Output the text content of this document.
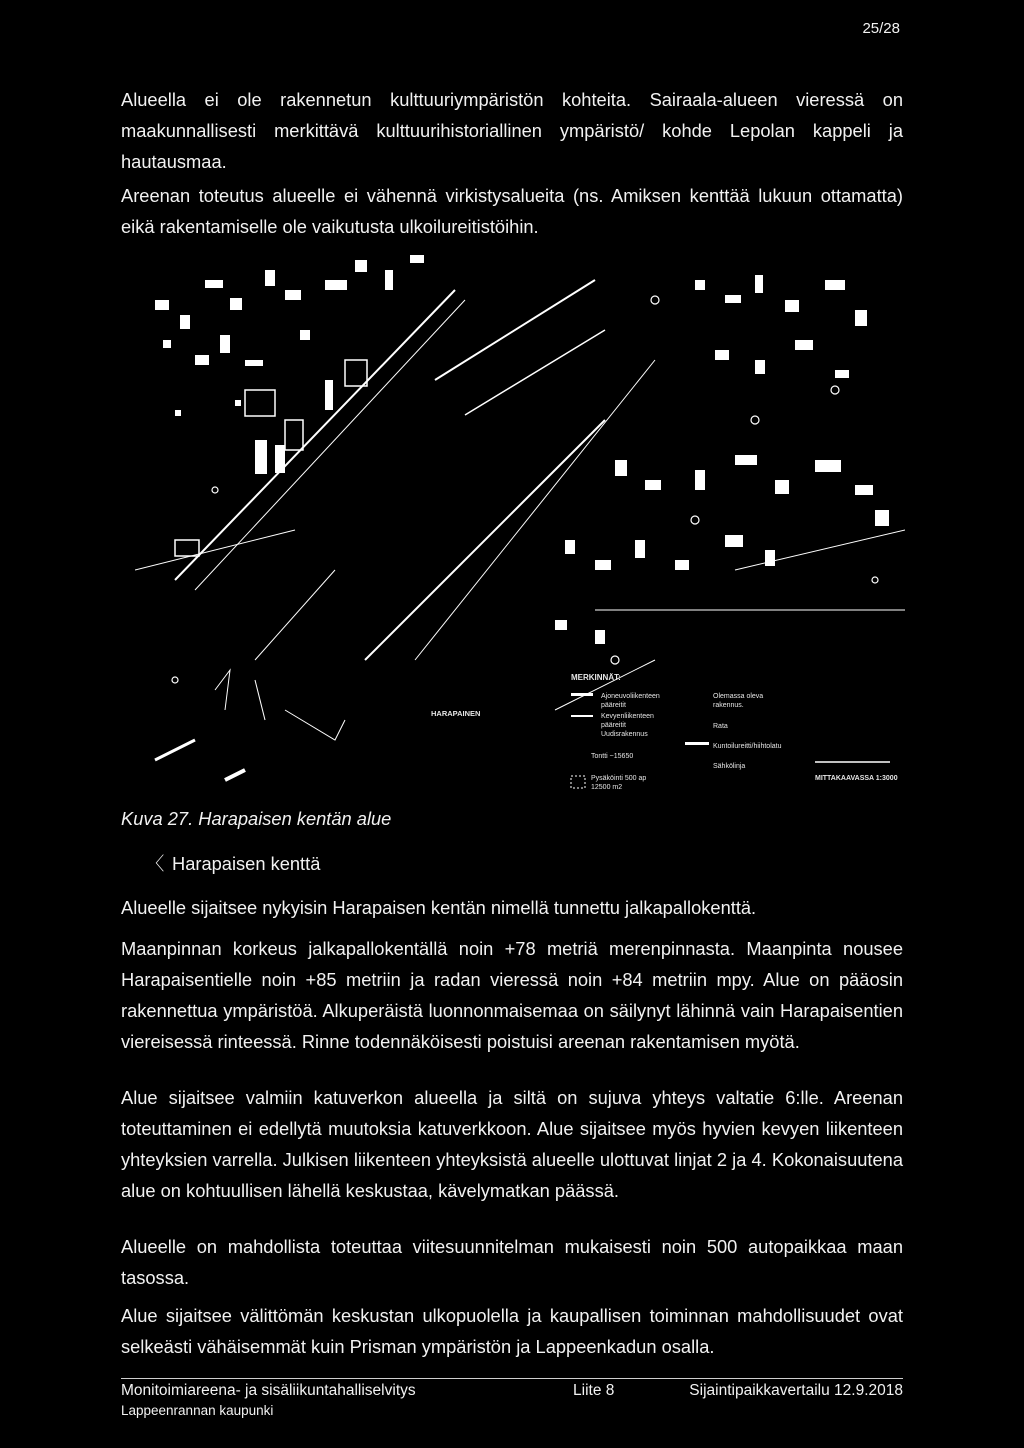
25/28

Alueella ei ole rakennetun kulttuuriympäristön kohteita. Sairaala-alueen vieressä on maakunnallisesti merkittävä kulttuurihistoriallinen ympäristö/ kohde Lepolan kappeli ja hautausmaa.

Areenan toteutus alueelle ei vähennä virkistysalueita (ns. Amiksen kenttää lukuun ottamatta) eikä rakentamiselle ole vaikutusta ulkoilureitistöihin.

HARAPAINEN
MERKINNÄT:
Ajoneuvoliikenteen
pääreitit
Kevyenliikenteen
pääreitit
Uudisrakennus
Tontti ~15650
Pysäköinti 500 ap
12500 m2
Olemassa oleva
rakennus.
Rata
Kuntoilureitti/hiihtolatu
Sähkölinja
MITTAKAAVASSA 1:3000
Kuva 27. Harapaisen kentän alue
〈 Harapaisen kenttä

Alueelle sijaitsee nykyisin Harapaisen kentän nimellä tunnettu jalkapallokenttä.

Maanpinnan korkeus jalkapallokentällä noin +78 metriä merenpinnasta. Maanpinta nousee Harapaisentielle noin +85 metriin ja radan vieressä noin +84 metriin mpy. Alue on pääosin rakennettua ympäristöä. Alkuperäistä luonnonmaisemaa on säilynyt lähinnä vain Harapaisentien viereisessä rinteessä. Rinne todennäköisesti poistuisi areenan rakentamisen myötä.

Alue sijaitsee valmiin katuverkon alueella ja siltä on sujuva yhteys valtatie 6:lle. Areenan toteuttaminen ei edellytä muutoksia katuverkkoon. Alue sijaitsee myös hyvien kevyen liikenteen yhteyksien varrella. Julkisen liikenteen yhteyksistä alueelle ulottuvat linjat 2 ja 4. Kokonaisuutena alue on kohtuullisen lähellä keskustaa, kävelymatkan päässä.

Alueelle on mahdollista toteuttaa viitesuunnitelman mukaisesti noin 500 autopaikkaa maan tasossa.

Alue sijaitsee välittömän keskustan ulkopuolella ja kaupallisen toiminnan mahdollisuudet ovat selkeästi vähäisemmät kuin Prisman ympäristön ja Lappeenkadun osalla.

Monitoimiareena- ja sisäliikuntahalliselvitys
Lappeenrannan kaupunki
Liite 8	Sijaintipaikkavertailu 12.9.2018
